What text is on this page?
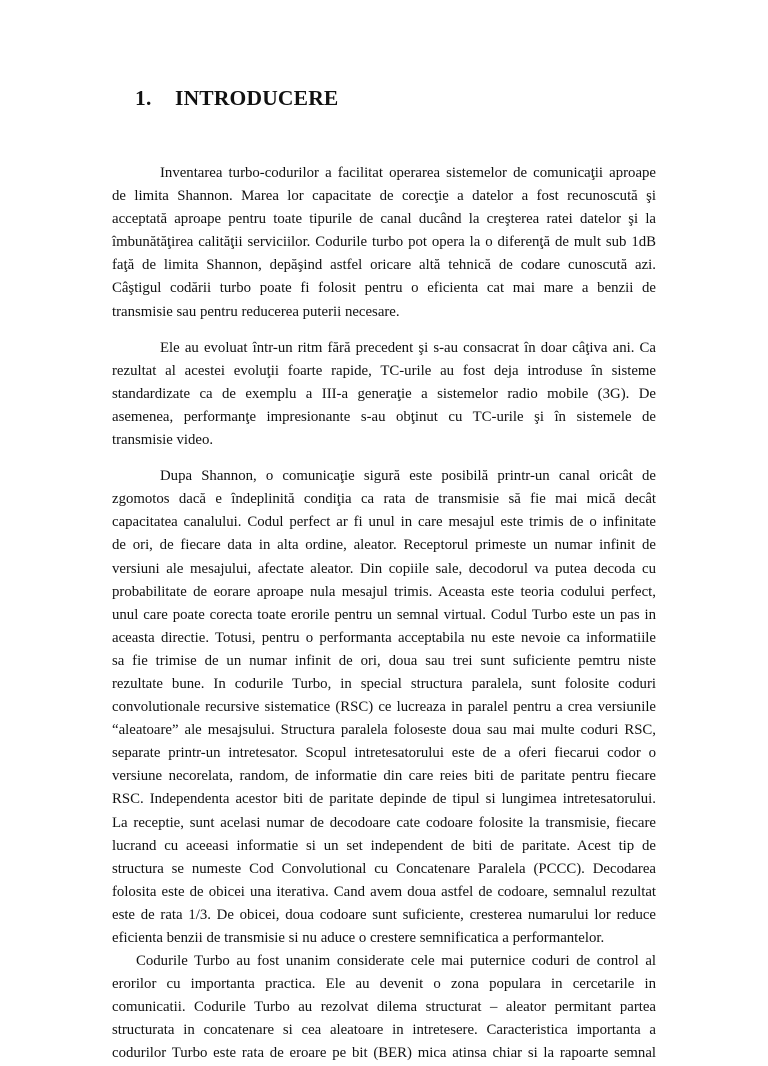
1. INTRODUCERE
Inventarea turbo-codurilor a facilitat operarea sistemelor de comunicaţii aproape
de limita Shannon. Marea lor capacitate de corecţie a datelor a fost recunoscută şi
acceptată aproape pentru toate tipurile de canal ducând la creşterea ratei datelor şi la
îmbunătăţirea calităţii serviciilor. Codurile turbo pot opera la o diferenţă de mult sub 1dB
faţă de limita Shannon, depăşind astfel oricare altă tehnică de codare cunoscută azi.
Câştigul codării turbo poate fi folosit pentru o eficienta cat mai mare a benzii de
transmisie sau pentru reducerea puterii necesare.
Ele au evoluat într-un ritm fără precedent şi s-au consacrat în doar câţiva ani. Ca
rezultat al acestei evoluţii foarte rapide, TC-urile au fost deja introduse în sisteme
standardizate ca de exemplu a III-a generaţie a sistemelor radio mobile (3G). De
asemenea, performanţe impresionante s-au obţinut cu TC-urile şi în sistemele de
transmisie video.
Dupa Shannon, o comunicaţie sigură este posibilă printr-un canal oricât de
zgomotos dacă e îndeplinită condiţia ca rata de transmisie să fie mai mică decât
capacitatea canalului. Codul perfect ar fi unul in care mesajul este trimis de o infinitate
de ori, de fiecare data in alta ordine, aleator. Receptorul primeste un numar infinit de
versiuni ale mesajului, afectate aleator. Din copiile sale, decodorul va putea decoda cu
probabilitate de eorare aproape nula mesajul trimis. Aceasta este teoria codului perfect,
unul care poate corecta toate erorile pentru un semnal virtual. Codul Turbo este un pas in
aceasta directie. Totusi, pentru o performanta acceptabila nu este nevoie ca informatiile
sa fie trimise de un numar infinit de ori, doua sau trei sunt suficiente pemtru niste
rezultate bune. In codurile Turbo, in special structura paralela, sunt folosite coduri
convolutionale recursive sistematice (RSC) ce lucreaza in paralel pentru a crea versiunile
“aleatoare” ale mesajsului. Structura paralela foloseste doua sau mai multe coduri RSC,
separate printr-un intretesator. Scopul intretesatorului este de a oferi fiecarui codor o
versiune necorelata, random, de informatie din care reies biti de paritate pentru fiecare
RSC. Independenta acestor biti de paritate depinde de tipul si lungimea intretesatorului.
La receptie, sunt acelasi numar de decodoare cate codoare folosite la transmisie, fiecare
lucrand cu aceeasi informatie si un set independent de biti de paritate. Acest tip de
structura se numeste Cod Convolutional cu Concatenare Paralela (PCCC). Decodarea
folosita este de obicei una iterativa. Cand avem doua astfel de codoare, semnalul rezultat
este de rata 1/3. De obicei, doua codoare sunt suficiente, cresterea numarului lor reduce
eficienta benzii de transmisie si nu aduce o crestere semnificatica a performantelor.
Codurile Turbo au fost unanim considerate cele mai puternice coduri de control al
erorilor cu importanta practica. Ele au devenit o zona populara in cercetarile in
comunicatii. Codurile Turbo au rezolvat dilema structurat – aleator permitant partea
structurata in concatenare si cea aleatoare in intretesere. Caracteristica importanta a
codurilor Turbo este rata de eroare pe bit (BER) mica atinsa chiar si la rapoarte semnal
